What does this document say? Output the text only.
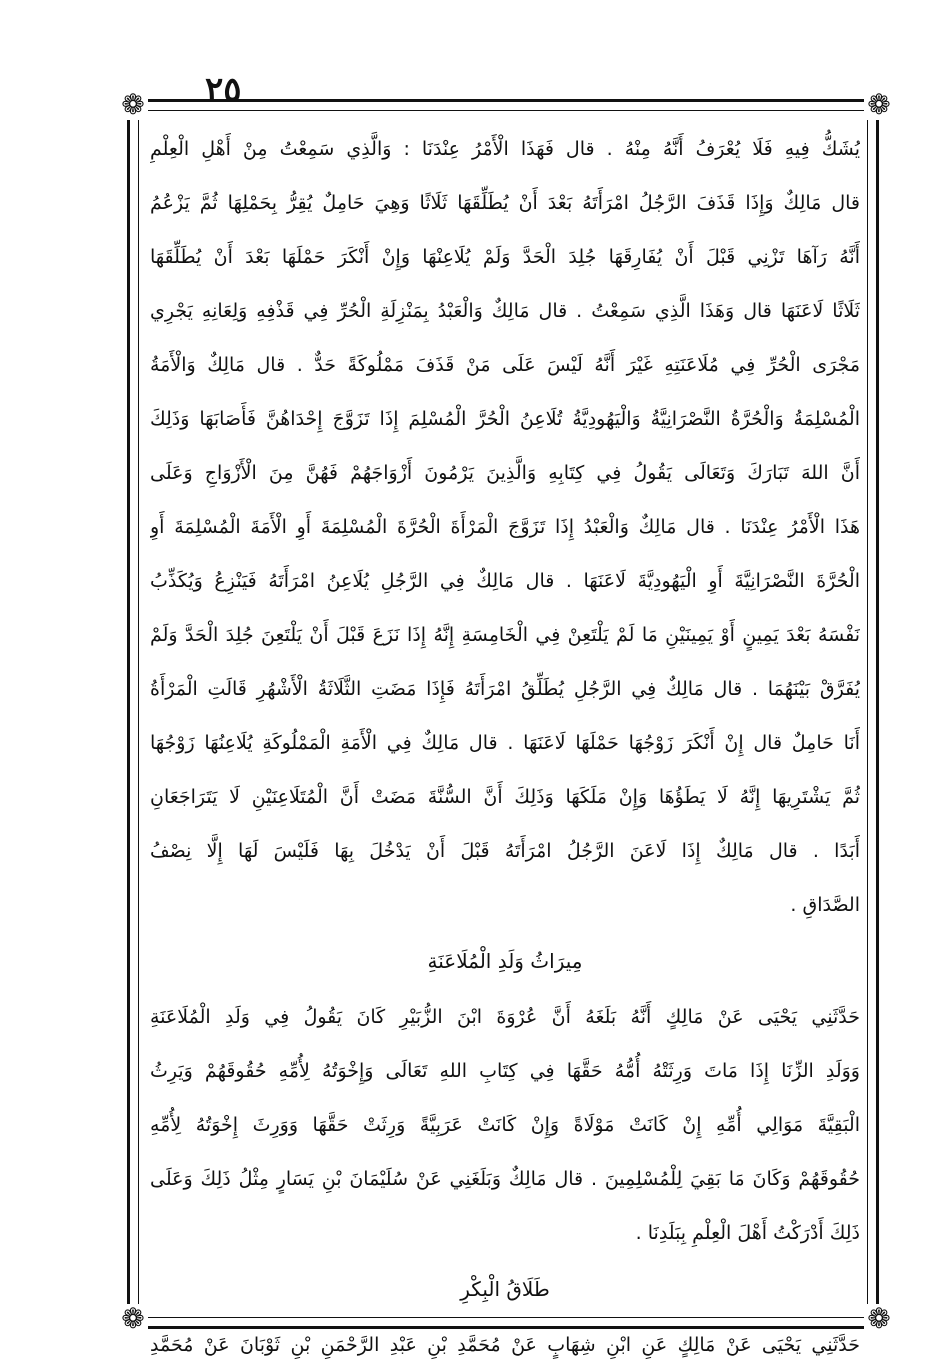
٢٥
❁	❁
❁	❁
يُشَكُّ فِيهِ فَلَا يُعْرَفُ أَنَّهُ مِنْهُ . قال فَهَذَا الْأَمْرُ عِنْدَنَا : وَالَّذِي سَمِعْتُ مِنْ أَهْلِ الْعِلْمِ
قال مَالِكٌ وَإِذَا قَذَفَ الرَّجُلُ امْرَأَتَهُ بَعْدَ أَنْ يُطَلِّقَهَا ثَلَاثًا وَهِيَ حَامِلٌ يُقِرُّ بِحَمْلِهَا ثُمَّ يَزْعُمُ
أَنَّهُ رَآهَا تَزْنِي قَبْلَ أَنْ يُفَارِقَهَا جُلِدَ الْحَدَّ وَلَمْ يُلَاعِنْهَا وَإِنْ أَنْكَرَ حَمْلَهَا بَعْدَ أَنْ يُطَلِّقَهَا
ثَلَاثًا لَاعَنَهَا قال وَهَذَا الَّذِي سَمِعْتُ . قال مَالِكٌ وَالْعَبْدُ بِمَنْزِلَةِ الْحُرِّ فِي قَذْفِهِ وَلِعَانِهِ يَجْرِي
مَجْرَى الْحُرِّ فِي مُلَاعَنَتِهِ غَيْرَ أَنَّهُ لَيْسَ عَلَى مَنْ قَذَفَ مَمْلُوكَةً حَدٌّ . قال مَالِكٌ وَالْأَمَةُ
الْمُسْلِمَةُ وَالْحُرَّةُ النَّصْرَانِيَّةُ وَالْيَهُودِيَّةُ تُلَاعِنُ الْحُرَّ الْمُسْلِمَ إِذَا تَزَوَّجَ إِحْدَاهُنَّ فَأَصَابَهَا وَذَلِكَ
أَنَّ اللهَ تَبَارَكَ وَتَعَالَى يَقُولُ فِي كِتَابِهِ وَالَّذِينَ يَرْمُونَ أَزْوَاجَهُمْ فَهُنَّ مِنَ الْأَزْوَاجِ وَعَلَى
هَذَا الْأَمْرُ عِنْدَنَا . قال مَالِكٌ وَالْعَبْدُ إِذَا تَزَوَّجَ الْمَرْأَةَ الْحُرَّةَ الْمُسْلِمَةَ أَوِ الْأَمَةَ الْمُسْلِمَةَ أَوِ
الْحُرَّةَ النَّصْرَانِيَّةَ أَوِ الْيَهُودِيَّةَ لَاعَنَهَا . قال مَالِكٌ فِي الرَّجُلِ يُلَاعِنُ امْرَأَتَهُ فَيَنْزِعُ وَيُكَذِّبُ
نَفْسَهُ بَعْدَ يَمِينٍ أَوْ يَمِينَيْنِ مَا لَمْ يَلْتَعِنْ فِي الْخَامِسَةِ إِنَّهُ إِذَا نَزَعَ قَبْلَ أَنْ يَلْتَعِنَ جُلِدَ الْحَدَّ وَلَمْ
يُفَرَّقْ بَيْنَهُمَا . قال مَالِكٌ فِي الرَّجُلِ يُطَلِّقُ امْرَأَتَهُ فَإِذَا مَضَتِ الثَّلَاثَةُ الْأَشْهُرِ قَالَتِ الْمَرْأَةُ
أَنَا حَامِلٌ قال إِنْ أَنْكَرَ زَوْجُهَا حَمْلَهَا لَاعَنَهَا . قال مَالِكٌ فِي الْأَمَةِ الْمَمْلُوكَةِ يُلَاعِنُهَا زَوْجُهَا
ثُمَّ يَشْتَرِيهَا إِنَّهُ لَا يَطَؤُهَا وَإِنْ مَلَكَهَا وَذَلِكَ أَنَّ السُّنَّةَ مَضَتْ أَنَّ الْمُتَلَاعِنَيْنِ لَا يَتَرَاجَعَانِ
أَبَدًا . قال مَالِكٌ إِذَا لَاعَنَ الرَّجُلُ امْرَأَتَهُ قَبْلَ أَنْ يَدْخُلَ بِهَا فَلَيْسَ لَهَا إِلَّا نِصْفُ
الصَّدَاقِ .
مِيرَاثُ وَلَدِ الْمُلَاعَنَةِ
حَدَّثَنِي يَحْيَى عَنْ مَالِكٍ أَنَّهُ بَلَغَهُ أَنَّ عُرْوَةَ ابْنَ الزُّبَيْرِ كَانَ يَقُولُ فِي وَلَدِ الْمُلَاعَنَةِ
وَوَلَدِ الزِّنَا إِذَا مَاتَ وَرِثَتْهُ أُمُّهُ حَقَّهَا فِي كِتَابِ اللهِ تَعَالَى وَإِخْوَتُهُ لِأُمِّهِ حُقُوقَهُمْ وَيَرِثُ
الْبَقِيَّةَ مَوَالِي أُمِّهِ إِنْ كَانَتْ مَوْلَاةً وَإِنْ كَانَتْ عَرَبِيَّةً وَرِثَتْ حَقَّهَا وَوَرِثَ إِخْوَتُهُ لِأُمِّهِ
حُقُوقَهُمْ وَكَانَ مَا بَقِيَ لِلْمُسْلِمِينَ . قال مَالِكٌ وَبَلَغَنِي عَنْ سُلَيْمَانَ بْنِ يَسَارٍ مِثْلُ ذَلِكَ وَعَلَى
ذَلِكَ أَدْرَكْتُ أَهْلَ الْعِلْمِ بِبَلَدِنَا .
طَلَاقُ الْبِكْرِ
حَدَّثَنِي يَحْيَى عَنْ مَالِكٍ عَنِ ابْنِ شِهَابٍ عَنْ مُحَمَّدِ بْنِ عَبْدِ الرَّحْمَنِ بْنِ ثَوْبَانَ عَنْ مُحَمَّدِ
